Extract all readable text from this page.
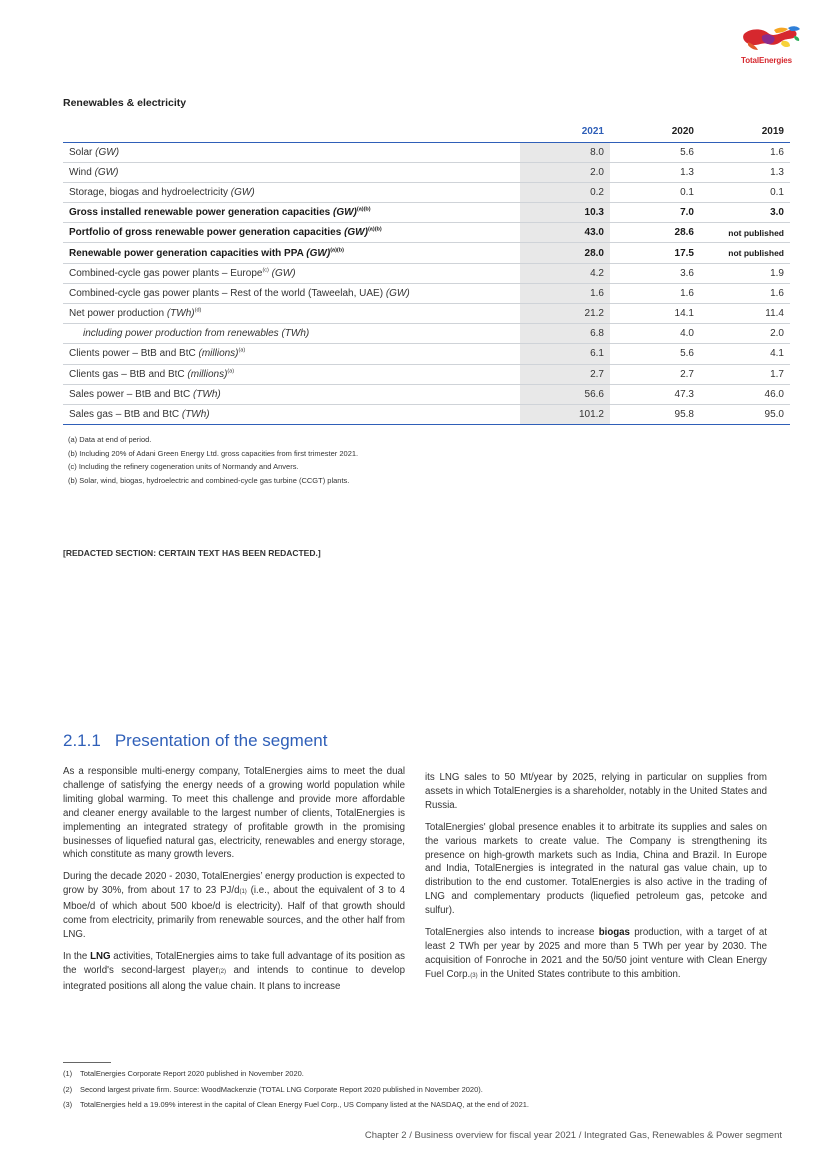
TotalEnergies
Renewables & electricity
	2021	2020	2019
Solar (GW)	8.0	5.6	1.6
Wind (GW)	2.0	1.3	1.3
Storage, biogas and hydroelectricity (GW)	0.2	0.1	0.1
Gross installed renewable power generation capacities (GW)$^{(a)(b)}$	10.3	7.0	3.0
Portfolio of gross renewable power generation capacities (GW)$^{(a)(b)}$	43.0	28.6	not published
Renewable power generation capacities with PPA (GW)$^{(a)(b)}$	28.0	17.5	not published
Combined-cycle gas power plants – Europe$^{(c)}$ (GW)	4.2	3.6	1.9
Combined-cycle gas power plants – Rest of the world (Taweelah, UAE) (GW)	1.6	1.6	1.6
Net power production (TWh)$^{(d)}$	21.2	14.1	11.4
including power production from renewables (TWh)	6.8	4.0	2.0
Clients power – BtB and BtC (millions)$^{(a)}$	6.1	5.6	4.1
Clients gas – BtB and BtC (millions)$^{(a)}$	2.7	2.7	1.7
Sales power – BtB and BtC (TWh)	56.6	47.3	46.0
Sales gas – BtB and BtC (TWh)	101.2	95.8	95.0
(a) Data at end of period.
(b) Including 20% of Adani Green Energy Ltd. gross capacities from first trimester 2021.
(c) Including the refinery cogeneration units of Normandy and Anvers.
(b) Solar, wind, biogas, hydroelectric and combined-cycle gas turbine (CCGT) plants.
[REDACTED SECTION: CERTAIN TEXT HAS BEEN REDACTED.]
2.1.1 Presentation of the segment

As a responsible multi-energy company, TotalEnergies aims to meet the dual challenge of satisfying the energy needs of a growing world population while limiting global warming. To meet this challenge and provide more affordable and cleaner energy available to the largest number of clients, TotalEnergies is implementing an integrated strategy of profitable growth in the promising businesses of liquefied natural gas, electricity, renewables and energy storage, which constitute as many growth levers.

During the decade 2020 - 2030, TotalEnergies’ energy production is expected to grow by 30%, from about 17 to 23 PJ/d(1) (i.e., about the equivalent of 3 to 4 Mboe/d of which about 500 kboe/d is electricity). Half of that growth should come from electricity, primarily from renewable sources, and the other half from LNG.

In the LNG activities, TotalEnergies aims to take full advantage of its position as the world's second-largest player(2) and intends to continue to develop integrated positions all along the value chain. It plans to increase

its LNG sales to 50 Mt/year by 2025, relying in particular on supplies from assets in which TotalEnergies is a shareholder, notably in the United States and Russia.

TotalEnergies' global presence enables it to arbitrate its supplies and sales on the various markets to create value. The Company is strengthening its presence on high-growth markets such as India, China and Brazil. In Europe and India, TotalEnergies is integrated in the natural gas value chain, up to distribution to the end customer. TotalEnergies is also active in the trading of LNG and complementary products (liquefied petroleum gas, petcoke and sulfur).

TotalEnergies also intends to increase biogas production, with a target of at least 2 TWh per year by 2025 and more than 5 TWh per year by 2030. The acquisition of Fonroche in 2021 and the 50/50 joint venture with Clean Energy Fuel Corp.(3) in the United States contribute to this ambition.

(1) TotalEnergies Corporate Report 2020 published in November 2020.
(2) Second largest private firm. Source: WoodMackenzie (TOTAL LNG Corporate Report 2020 published in November 2020).
(3) TotalEnergies held a 19.09% interest in the capital of Clean Energy Fuel Corp., US Company listed at the NASDAQ, at the end of 2021.
Chapter 2 / Business overview for fiscal year 2021 / Integrated Gas, Renewables & Power segment
